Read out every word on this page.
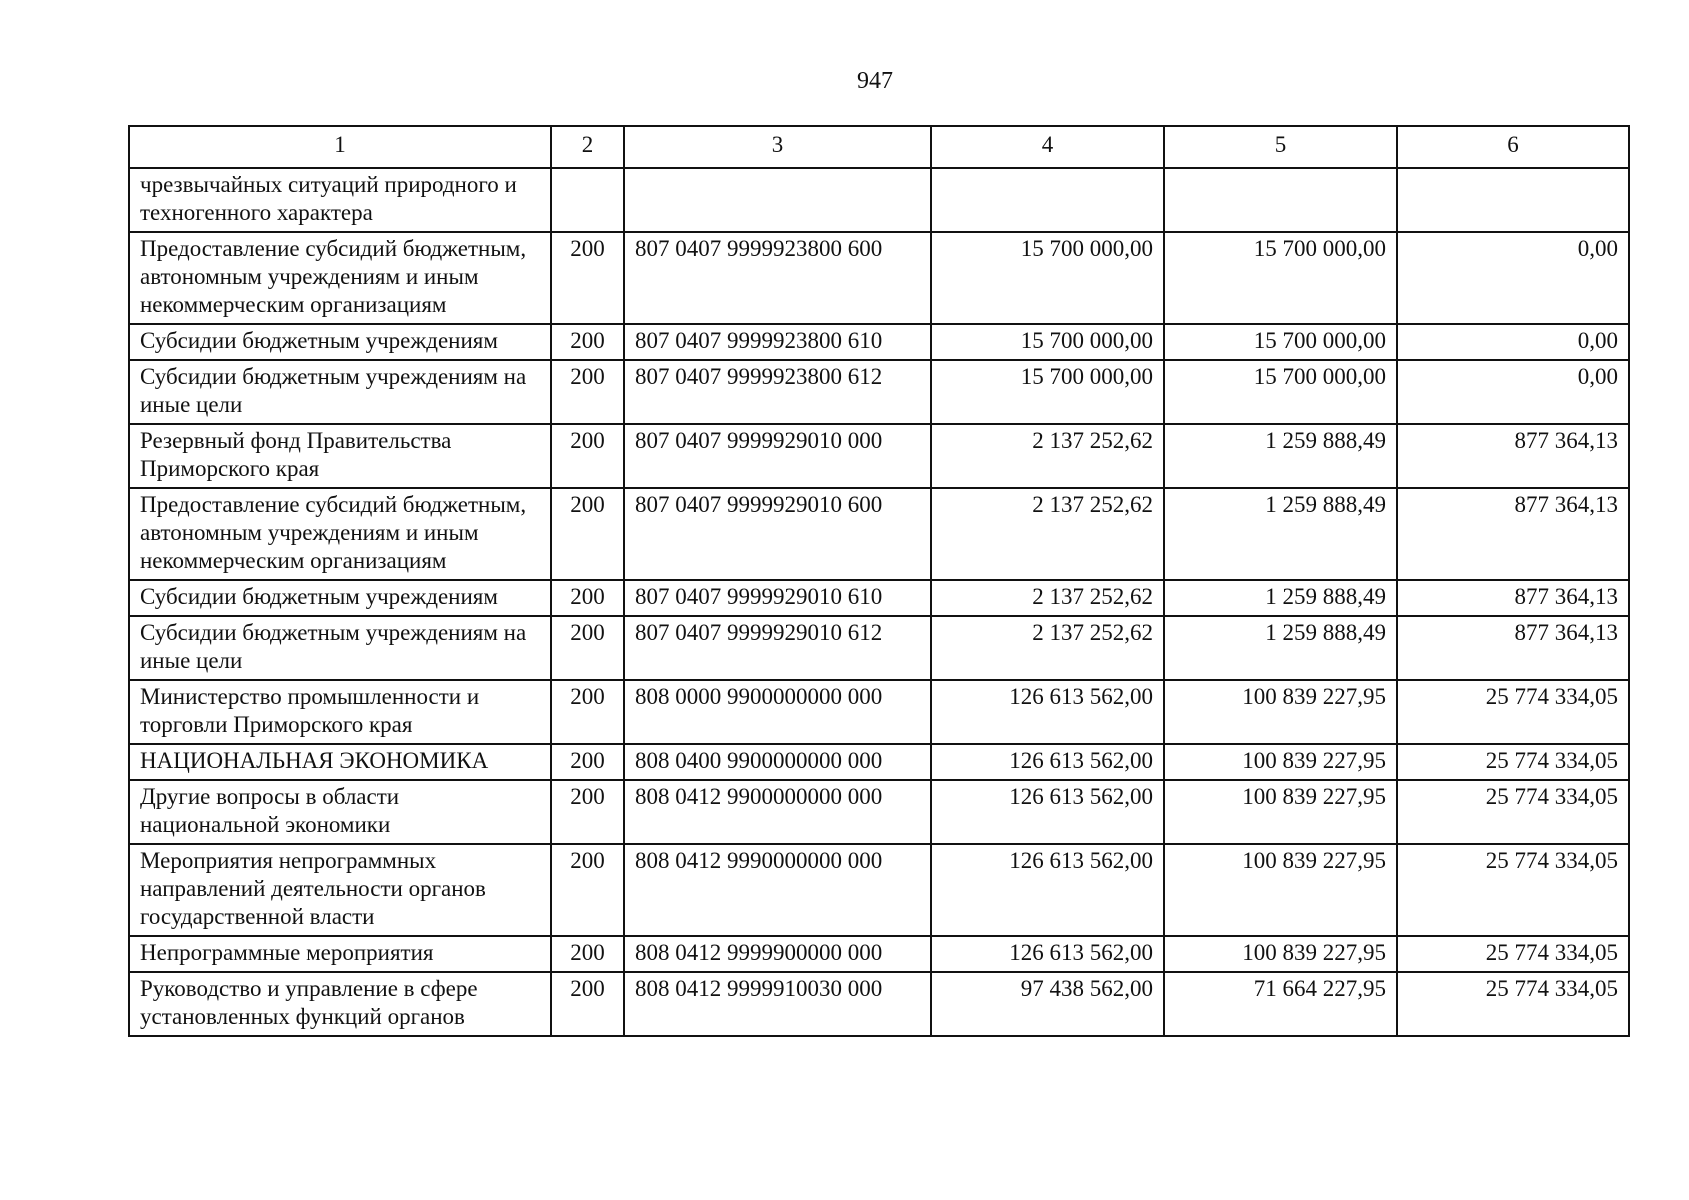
947
1	2	3	4	5	6
чрезвычайных ситуаций природного и техногенного характера					
Предоставление субсидий бюджетным, автономным учреждениям и иным некоммерческим организациям	200	807 0407 9999923800 600	15 700 000,00	15 700 000,00	0,00
Субсидии бюджетным учреждениям	200	807 0407 9999923800 610	15 700 000,00	15 700 000,00	0,00
Субсидии бюджетным учреждениям на иные цели	200	807 0407 9999923800 612	15 700 000,00	15 700 000,00	0,00
Резервный фонд Правительства Приморского края	200	807 0407 9999929010 000	2 137 252,62	1 259 888,49	877 364,13
Предоставление субсидий бюджетным, автономным учреждениям и иным некоммерческим организациям	200	807 0407 9999929010 600	2 137 252,62	1 259 888,49	877 364,13
Субсидии бюджетным учреждениям	200	807 0407 9999929010 610	2 137 252,62	1 259 888,49	877 364,13
Субсидии бюджетным учреждениям на иные цели	200	807 0407 9999929010 612	2 137 252,62	1 259 888,49	877 364,13
Министерство промышленности и торговли Приморского края	200	808 0000 9900000000 000	126 613 562,00	100 839 227,95	25 774 334,05
НАЦИОНАЛЬНАЯ ЭКОНОМИКА	200	808 0400 9900000000 000	126 613 562,00	100 839 227,95	25 774 334,05
Другие вопросы в области национальной экономики	200	808 0412 9900000000 000	126 613 562,00	100 839 227,95	25 774 334,05
Мероприятия непрограммных направлений деятельности органов государственной власти	200	808 0412 9990000000 000	126 613 562,00	100 839 227,95	25 774 334,05
Непрограммные мероприятия	200	808 0412 9999900000 000	126 613 562,00	100 839 227,95	25 774 334,05
Руководство и управление в сфере установленных функций органов	200	808 0412 9999910030 000	97 438 562,00	71 664 227,95	25 774 334,05
